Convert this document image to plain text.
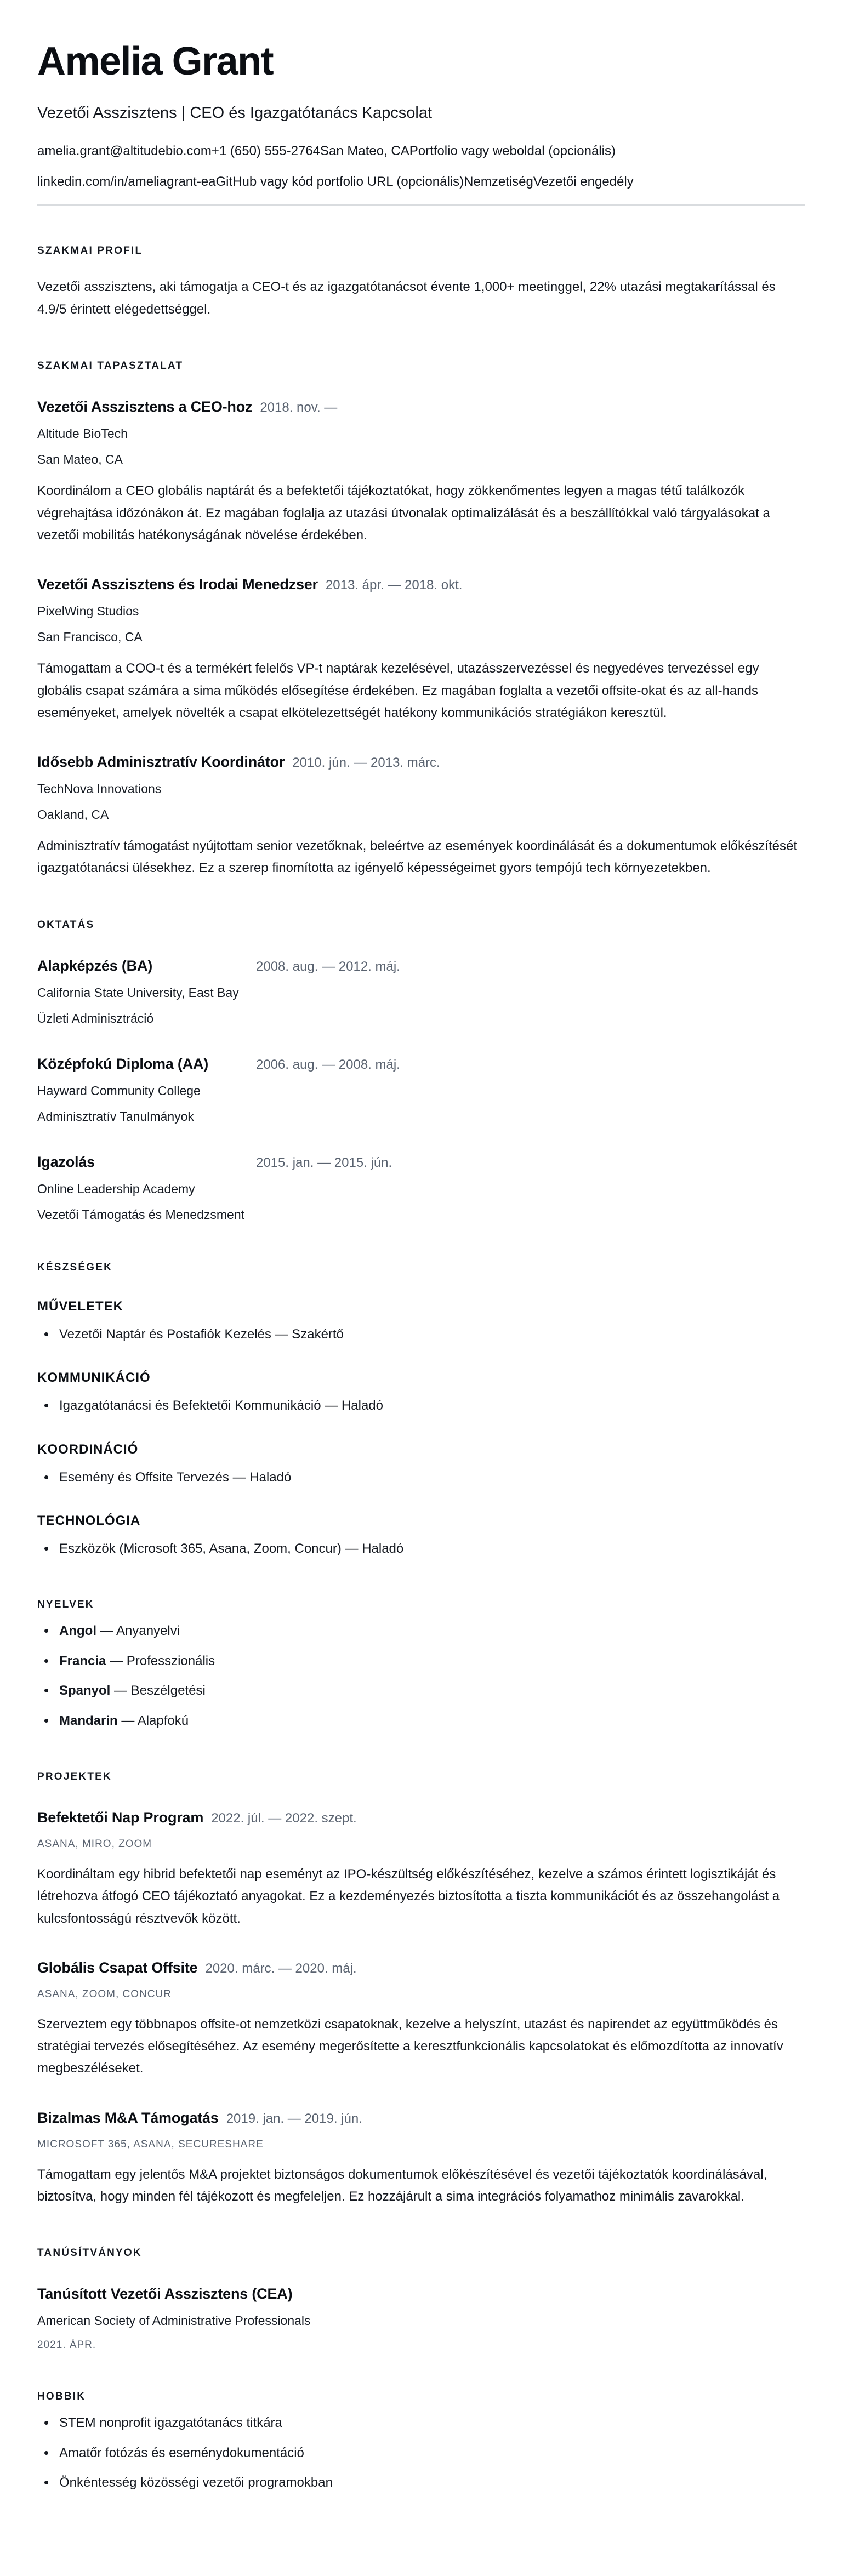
Amelia Grant
Vezetői Asszisztens | CEO és Igazgatótanács Kapcsolat
amelia.grant@altitudebio.com+1 (650) 555-2764San Mateo, CAPortfolio vagy weboldal (opcionális)
linkedin.com/in/ameliagrant-eaGitHub vagy kód portfolio URL (opcionális)NemzetiségVezetői engedély
SZAKMAI PROFIL

Vezetői asszisztens, aki támogatja a CEO-t és az igazgatótanácsot évente 1,000+ meetinggel, 22% utazási megtakarítással és 4.9/5 érintett elégedettséggel.

SZAKMAI TAPASZTALAT
Vezetői Asszisztens a CEO-hoz 2018. nov. —
Altitude BioTech
San Mateo, CA

Koordinálom a CEO globális naptárát és a befektetői tájékoztatókat, hogy zökkenőmentes legyen a magas tétű találkozók végrehajtása időzónákon át. Ez magában foglalja az utazási útvonalak optimalizálását és a beszállítókkal való tárgyalásokat a vezetői mobilitás hatékonyságának növelése érdekében.

Vezetői Asszisztens és Irodai Menedzser 2013. ápr. — 2018. okt.
PixelWing Studios
San Francisco, CA

Támogattam a COO-t és a termékért felelős VP-t naptárak kezelésével, utazásszervezéssel és negyedéves tervezéssel egy globális csapat számára a sima működés elősegítése érdekében. Ez magában foglalta a vezetői offsite-okat és az all-hands eseményeket, amelyek növelték a csapat elkötelezettségét hatékony kommunikációs stratégiákon keresztül.

Idősebb Adminisztratív Koordinátor 2010. jún. — 2013. márc.
TechNova Innovations
Oakland, CA

Adminisztratív támogatást nyújtottam senior vezetőknak, beleértve az események koordinálását és a dokumentumok előkészítését igazgatótanácsi ülésekhez. Ez a szerep finomította az igényelő képességeimet gyors tempójú tech környezetekben.

OKTATÁS
Alapképzés (BA)	2008. aug. — 2012. máj.
California State University, East Bay
Üzleti Adminisztráció
Középfokú Diploma (AA)	2006. aug. — 2008. máj.
Hayward Community College
Adminisztratív Tanulmányok
Igazolás	2015. jan. — 2015. jún.
Online Leadership Academy
Vezetői Támogatás és Menedzsment
KÉSZSÉGEK
MŰVELETEK
• Vezetői Naptár és Postafiók Kezelés — Szakértő
KOMMUNIKÁCIÓ
• Igazgatótanácsi és Befektetői Kommunikáció — Haladó
KOORDINÁCIÓ
• Esemény és Offsite Tervezés — Haladó
TECHNOLÓGIA
• Eszközök (Microsoft 365, Asana, Zoom, Concur) — Haladó
NYELVEK
• Angol — Anyanyelvi
• Francia — Professzionális
• Spanyol — Beszélgetési
• Mandarin — Alapfokú
PROJEKTEK
Befektetői Nap Program 2022. júl. — 2022. szept.
ASANA, MIRO, ZOOM

Koordináltam egy hibrid befektetői nap eseményt az IPO-készültség előkészítéséhez, kezelve a számos érintett logisztikáját és létrehozva átfogó CEO tájékoztató anyagokat. Ez a kezdeményezés biztosította a tiszta kommunikációt és az összehangolást a kulcsfontosságú résztvevők között.

Globális Csapat Offsite 2020. márc. — 2020. máj.
ASANA, ZOOM, CONCUR

Szerveztem egy többnapos offsite-ot nemzetközi csapatoknak, kezelve a helyszínt, utazást és napirendet az együttműködés és stratégiai tervezés elősegítéséhez. Az esemény megerősítette a keresztfunkcionális kapcsolatokat és előmozdította az innovatív megbeszéléseket.

Bizalmas M&A Támogatás 2019. jan. — 2019. jún.
MICROSOFT 365, ASANA, SECURESHARE

Támogattam egy jelentős M&A projektet biztonságos dokumentumok előkészítésével és vezetői tájékoztatók koordinálásával, biztosítva, hogy minden fél tájékozott és megfeleljen. Ez hozzájárult a sima integrációs folyamathoz minimális zavarokkal.

TANÚSÍTVÁNYOK
Tanúsított Vezetői Asszisztens (CEA)
American Society of Administrative Professionals
2021. ÁPR.
HOBBIK
• STEM nonprofit igazgatótanács titkára
• Amatőr fotózás és eseménydokumentáció
• Önkéntesség közösségi vezetői programokban
